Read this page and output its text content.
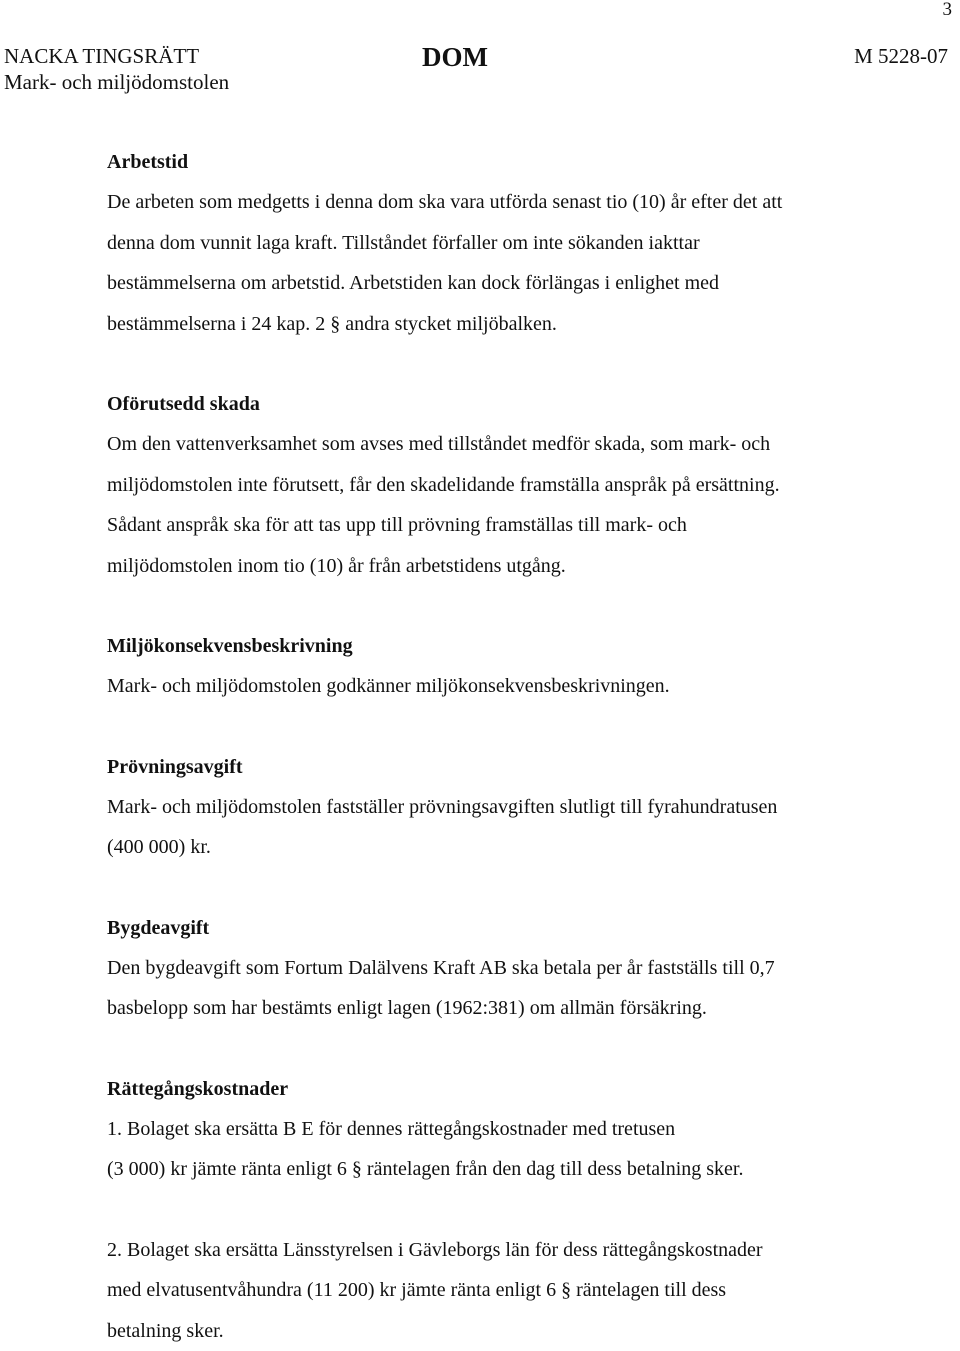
3
NACKA TINGSRÄTT
Mark- och miljödomstolen
DOM	M 5228-07

Arbetstid

De arbeten som medgetts i denna dom ska vara utförda senast tio (10) år efter det att

denna dom vunnit laga kraft. Tillståndet förfaller om inte sökanden iakttar

bestämmelserna om arbetstid. Arbetstiden kan dock förlängas i enlighet med

bestämmelserna i 24 kap. 2 § andra stycket miljöbalken.

Oförutsedd skada

Om den vattenverksamhet som avses med tillståndet medför skada, som mark- och

miljödomstolen inte förutsett, får den skadelidande framställa anspråk på ersättning.

Sådant anspråk ska för att tas upp till prövning framställas till mark- och

miljödomstolen inom tio (10) år från arbetstidens utgång.

Miljökonsekvensbeskrivning

Mark- och miljödomstolen godkänner miljökonsekvensbeskrivningen.

Prövningsavgift

Mark- och miljödomstolen fastställer prövningsavgiften slutligt till fyrahundratusen

(400 000) kr.

Bygdeavgift

Den bygdeavgift som Fortum Dalälvens Kraft AB ska betala per år fastställs till 0,7

basbelopp som har bestämts enligt lagen (1962:381) om allmän försäkring.

Rättegångskostnader

1. Bolaget ska ersätta B E för dennes rättegångskostnader med tretusen

(3 000) kr jämte ränta enligt 6 § räntelagen från den dag till dess betalning sker.

2. Bolaget ska ersätta Länsstyrelsen i Gävleborgs län för dess rättegångskostnader

med elvatusentvåhundra (11 200) kr jämte ränta enligt 6 § räntelagen till dess

betalning sker.
